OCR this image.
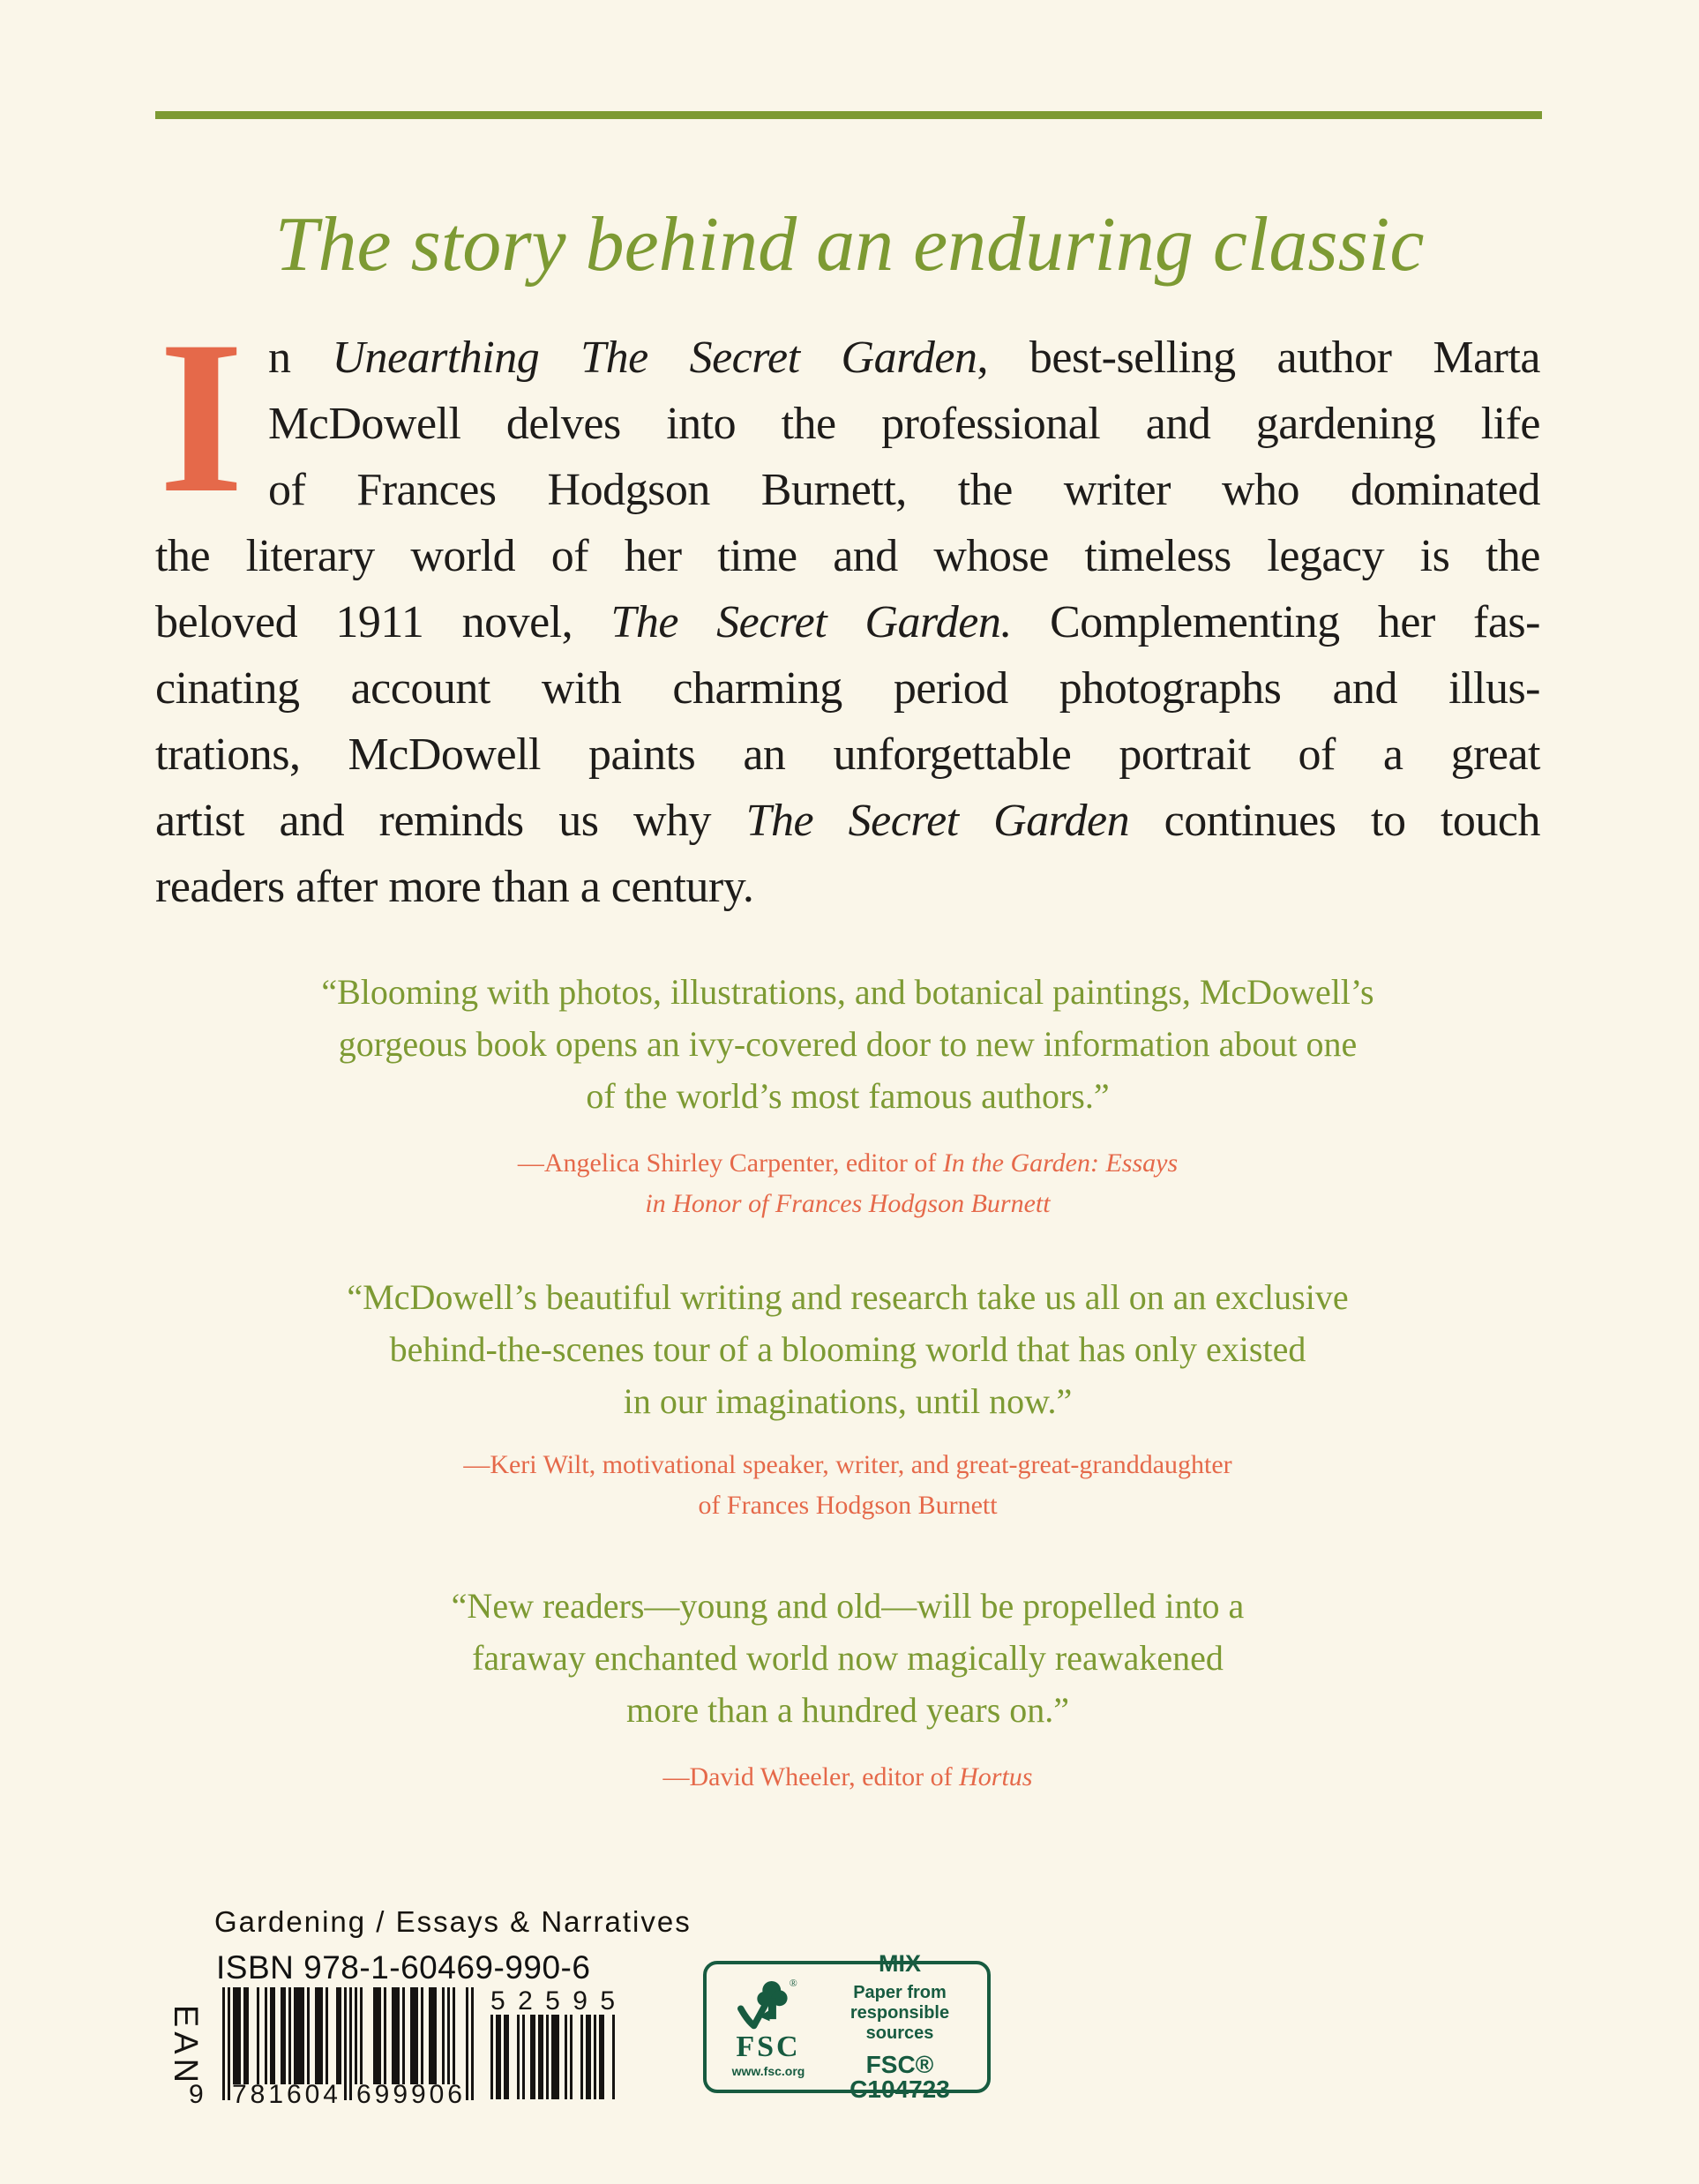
The story behind an enduring classic
I n Unearthing The Secret Garden, best-selling author Marta
McDowell delves into the professional and gardening life
of Frances Hodgson Burnett, the writer who dominated
the literary world of her time and whose timeless legacy is the
beloved 1911 novel, The Secret Garden. Complementing her fas-
cinating account with charming period photographs and illus-
trations, McDowell paints an unforgettable portrait of a great
artist and reminds us why The Secret Garden continues to touch
readers after more than a century.
“Blooming with photos, illustrations, and botanical paintings, McDowell’s
gorgeous book opens an ivy-covered door to new information about one
of the world’s most famous authors.”
—Angelica Shirley Carpenter, editor of In the Garden: Essays
in Honor of Frances Hodgson Burnett
“McDowell’s beautiful writing and research take us all on an exclusive
behind-the-scenes tour of a blooming world that has only existed
in our imaginations, until now.”
—Keri Wilt, motivational speaker, writer, and great-great-granddaughter
of Frances Hodgson Burnett
“New readers—young and old—will be propelled into a
faraway enchanted world now magically reawakened
more than a hundred years on.”
—David Wheeler, editor of Hortus
Gardening / Essays & Narratives
ISBN 978-1-60469-990-6
EAN
9 7 8 1 6 0 4 6 9 9 9 0 6
5 2 5 9 5
®
FSC
www.fsc.org
MIX
Paper from
responsible sources
FSC® C104723
